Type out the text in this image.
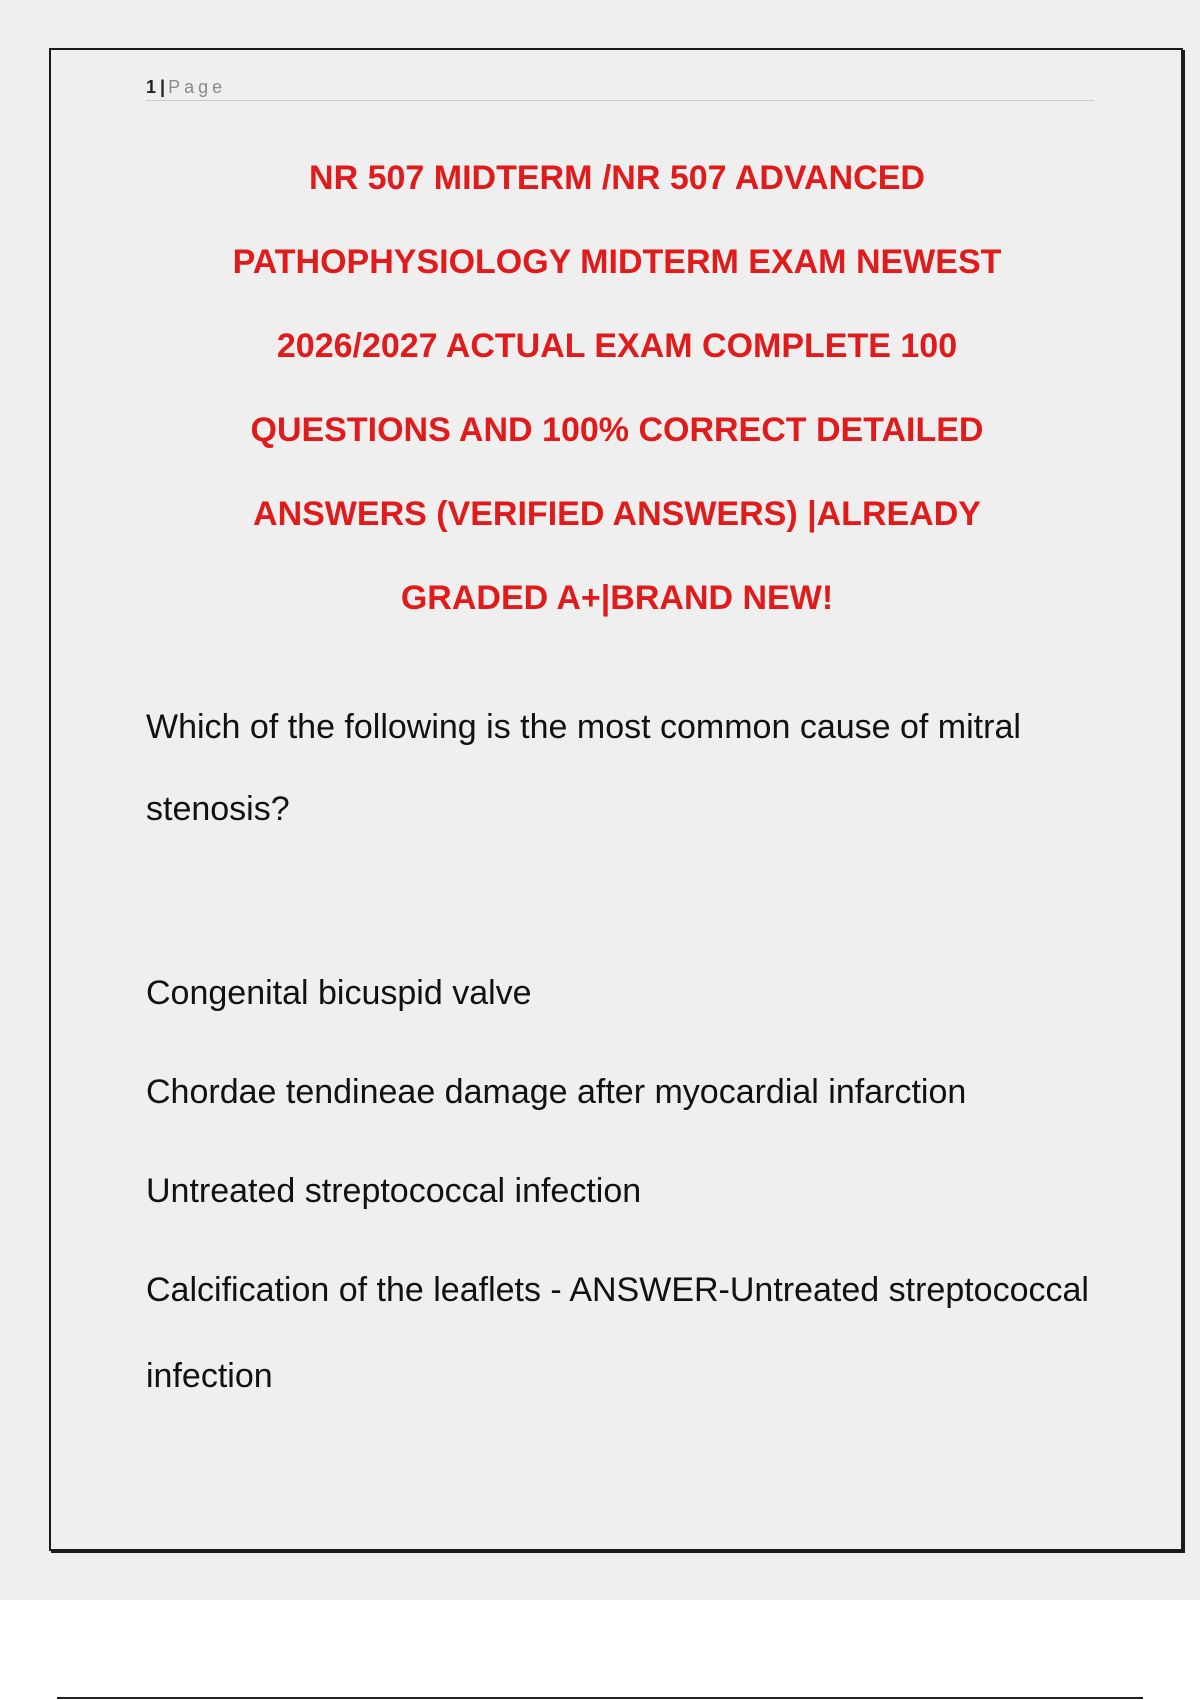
1 | Page
NR 507 MIDTERM /NR 507 ADVANCED
PATHOPHYSIOLOGY MIDTERM EXAM NEWEST
2026/2027 ACTUAL EXAM COMPLETE 100
QUESTIONS AND 100% CORRECT DETAILED
ANSWERS (VERIFIED ANSWERS) |ALREADY
GRADED A+|BRAND NEW!
Which of the following is the most common cause of mitral stenosis?
Congenital bicuspid valve
Chordae tendineae damage after myocardial infarction
Untreated streptococcal infection
Calcification of the leaflets - ANSWER-Untreated streptococcal infection
